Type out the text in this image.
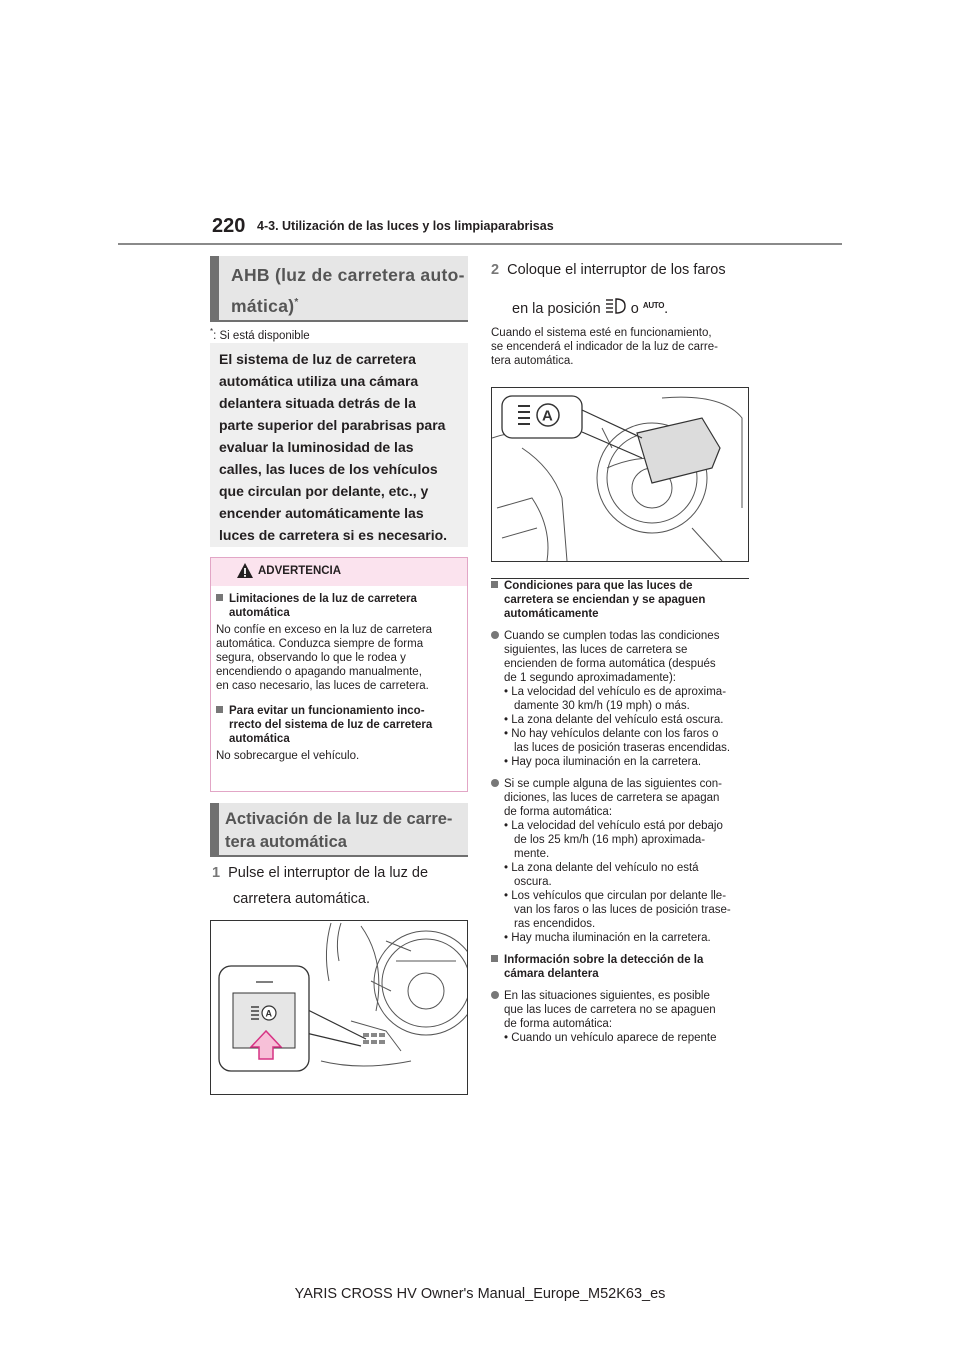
220 4-3. Utilización de las luces y los limpiaparabrisas
AHB (luz de carretera auto-
mática)*
*: Si está disponible
El sistema de luz de carretera
automática utiliza una cámara
delantera situada detrás de la
parte superior del parabrisas para
evaluar la luminosidad de las
calles, las luces de los vehículos
que circulan por delante, etc., y
encender automáticamente las
luces de carretera si es necesario.
ADVERTENCIA
Limitaciones de la luz de carretera
automática
No confíe en exceso en la luz de carretera
automática. Conduzca siempre de forma
segura, observando lo que le rodea y
encendiendo o apagando manualmente,
en caso necesario, las luces de carretera.
Para evitar un funcionamiento inco-
rrecto del sistema de luz de carretera
automática
No sobrecargue el vehículo.
Activación de la luz de carre-
tera automática
1 Pulse el interruptor de la luz de
carretera automática.
A
2 Coloque el interruptor de los faros
en la posición o $^{AUTO}$.
Cuando el sistema esté en funcionamiento,
se encenderá el indicador de la luz de carre-
tera automática.
A
Condiciones para que las luces de
carretera se enciendan y se apaguen
automáticamente
Cuando se cumplen todas las condiciones
siguientes, las luces de carretera se
encienden de forma automática (después
de 1 segundo aproximadamente):
• La velocidad del vehículo es de aproxima-
damente 30 km/h (19 mph) o más.
• La zona delante del vehículo está oscura.
• No hay vehículos delante con los faros o
las luces de posición traseras encendidas.
• Hay poca iluminación en la carretera.
Si se cumple alguna de las siguientes con-
diciones, las luces de carretera se apagan
de forma automática:
• La velocidad del vehículo está por debajo
de los 25 km/h (16 mph) aproximada-
mente.
• La zona delante del vehículo no está
oscura.
• Los vehículos que circulan por delante lle-
van los faros o las luces de posición trase-
ras encendidos.
• Hay mucha iluminación en la carretera.
Información sobre la detección de la
cámara delantera
En las situaciones siguientes, es posible
que las luces de carretera no se apaguen
de forma automática:
• Cuando un vehículo aparece de repente
YARIS CROSS HV Owner's Manual_Europe_M52K63_es
